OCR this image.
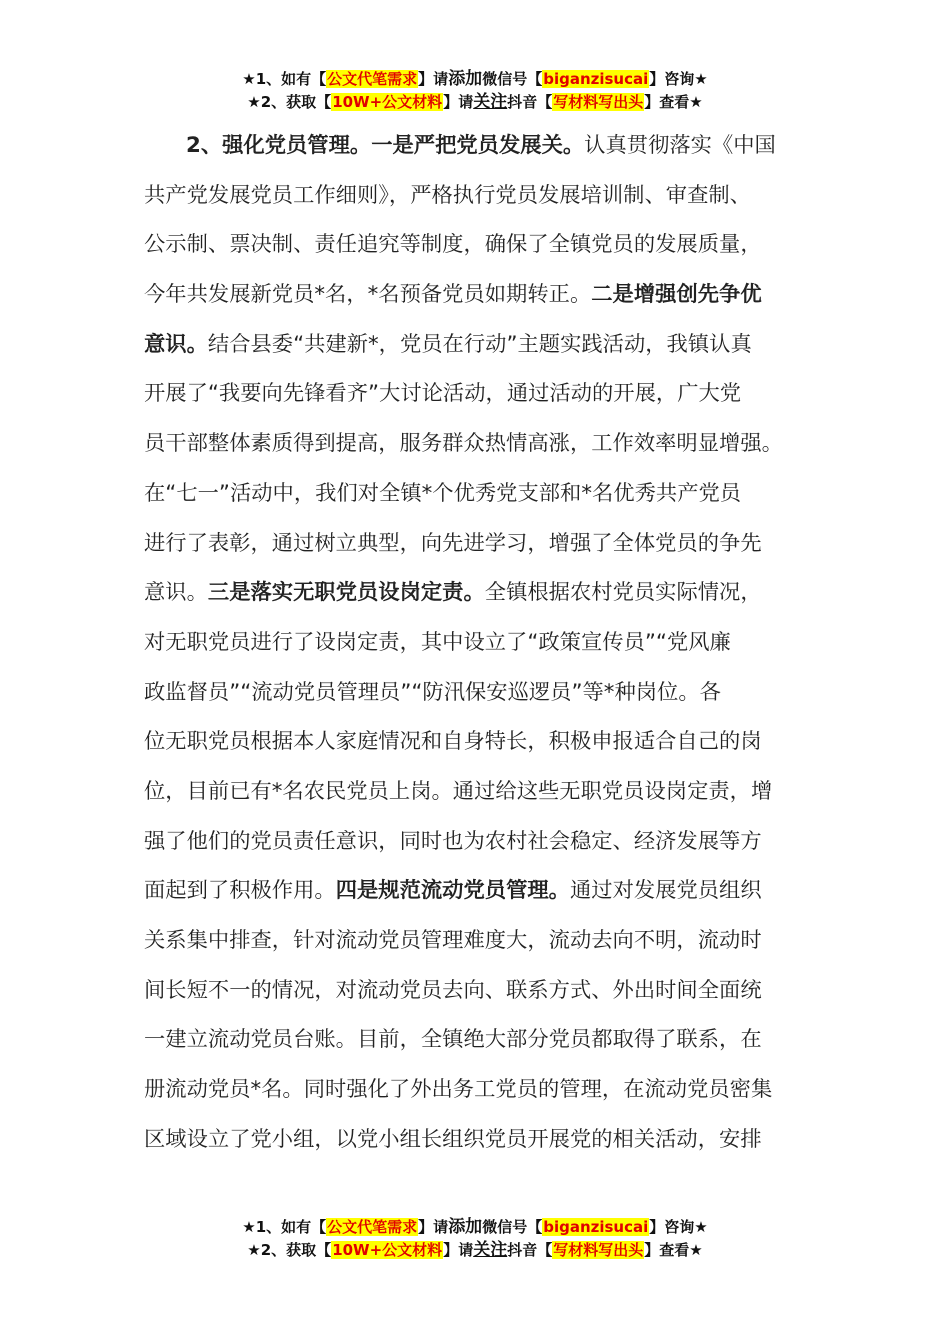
★1、如有【公文代笔需求】请添加微信号【biganzisucai】咨询★
★2、获取【10W+公文材料】请关注抖音【写材料写出头】查看★
2、强化党员管理。一是严把党员发展关。认真贯彻落实《中国
共产党发展党员工作细则》，严格执行党员发展培训制、审查制、
公示制、票决制、责任追究等制度，确保了全镇党员的发展质量，
今年共发展新党员*名，*名预备党员如期转正。二是增强创先争优
意识。结合县委“共建新*，党员在行动”主题实践活动，我镇认真
开展了“我要向先锋看齐”大讨论活动，通过活动的开展，广大党
员干部整体素质得到提高，服务群众热情高涨，工作效率明显增强。
在“七一”活动中，我们对全镇*个优秀党支部和*名优秀共产党员
进行了表彰，通过树立典型，向先进学习，增强了全体党员的争先
意识。三是落实无职党员设岗定责。全镇根据农村党员实际情况，
对无职党员进行了设岗定责，其中设立了“政策宣传员”“党风廉
政监督员”“流动党员管理员”“防汛保安巡逻员”等*种岗位。各
位无职党员根据本人家庭情况和自身特长，积极申报适合自己的岗
位，目前已有*名农民党员上岗。通过给这些无职党员设岗定责，增
强了他们的党员责任意识，同时也为农村社会稳定、经济发展等方
面起到了积极作用。四是规范流动党员管理。通过对发展党员组织
关系集中排查，针对流动党员管理难度大，流动去向不明，流动时
间长短不一的情况，对流动党员去向、联系方式、外出时间全面统
一建立流动党员台账。目前，全镇绝大部分党员都取得了联系，在
册流动党员*名。同时强化了外出务工党员的管理，在流动党员密集
区域设立了党小组，以党小组长组织党员开展党的相关活动，安排
★1、如有【公文代笔需求】请添加微信号【biganzisucai】咨询★
★2、获取【10W+公文材料】请关注抖音【写材料写出头】查看★
